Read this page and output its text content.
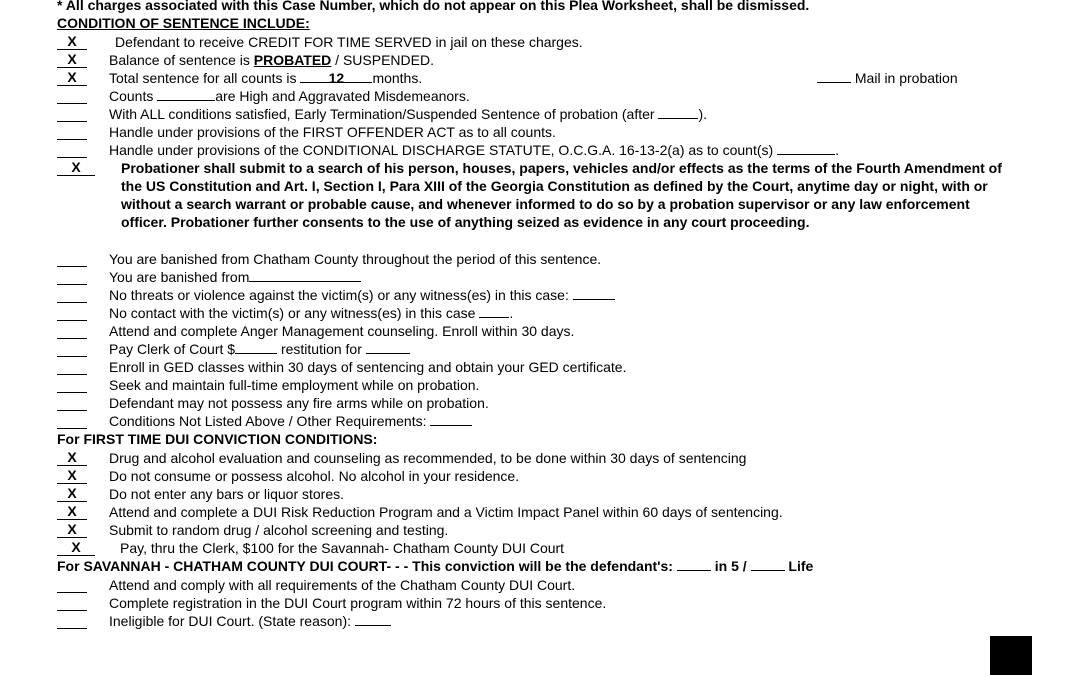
* All charges associated with this Case Number, which do not appear on this Plea Worksheet, shall be dismissed.
CONDITION OF SENTENCE INCLUDE:
X	Defendant to receive CREDIT FOR TIME SERVED in jail on these charges.
X	Balance of sentence is PROBATED / SUSPENDED.
X	Total sentence for all counts is 12 months.	Mail in probation
Counts	are High and Aggravated Misdemeanors.
With ALL conditions satisfied, Early Termination/Suspended Sentence of probation (after	).
Handle under provisions of the FIRST OFFENDER ACT as to all counts.
Handle under provisions of the CONDITIONAL DISCHARGE STATUTE, O.C.G.A. 16-13-2(a) as to count(s)	.
X	Probationer shall submit to a search of his person, houses, papers, vehicles and/or effects as the terms of the Fourth Amendment of the US Constitution and Art. I, Section I, Para XIII of the Georgia Constitution as defined by the Court, anytime day or night, with or without a search warrant or probable cause, and whenever informed to do so by a probation supervisor or any law enforcement officer. Probationer further consents to the use of anything seized as evidence in any court proceeding.
You are banished from Chatham County throughout the period of this sentence.
You are banished from
No threats or violence against the victim(s) or any witness(es) in this case:
No contact with the victim(s) or any witness(es) in this case .
Attend and complete Anger Management counseling. Enroll within 30 days.
Pay Clerk of Court $	restitution for
Enroll in GED classes within 30 days of sentencing and obtain your GED certificate.
Seek and maintain full-time employment while on probation.
Defendant may not possess any fire arms while on probation.
Conditions Not Listed Above / Other Requirements:
For FIRST TIME DUI CONVICTION CONDITIONS:
X	Drug and alcohol evaluation and counseling as recommended, to be done within 30 days of sentencing
X	Do not consume or possess alcohol. No alcohol in your residence.
X	Do not enter any bars or liquor stores.
X	Attend and complete a DUI Risk Reduction Program and a Victim Impact Panel within 60 days of sentencing.
X	Submit to random drug / alcohol screening and testing.
X	Pay, thru the Clerk, $100 for the Savannah- Chatham County DUI Court
For SAVANNAH - CHATHAM COUNTY DUI COURT- - - This conviction will be the defendant's:	in 5 /  Life
Attend and comply with all requirements of the Chatham County DUI Court.
Complete registration in the DUI Court program within 72 hours of this sentence.
Ineligible for DUI Court. (State reason):
